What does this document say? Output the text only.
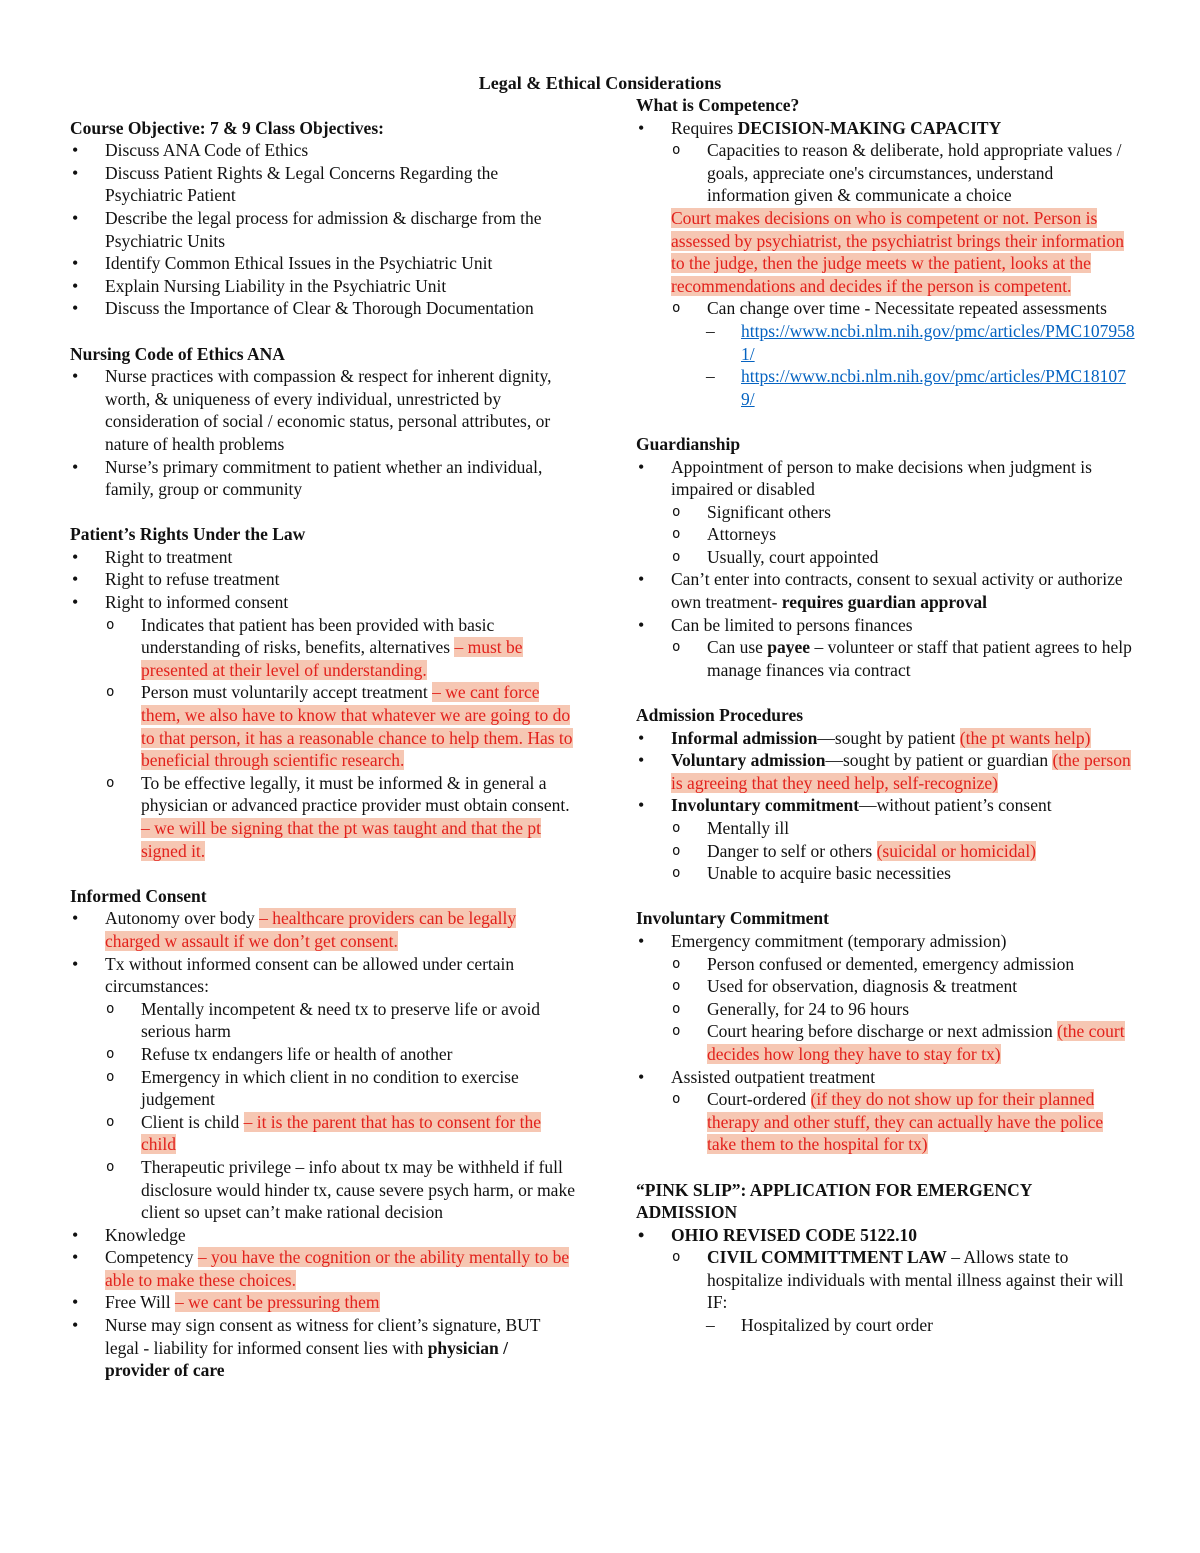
Legal & Ethical Considerations

Course Objective: 7 & 9 Class Objectives:

• Discuss ANA Code of Ethics
• Discuss Patient Rights & Legal Concerns Regarding the Psychiatric Patient
• Describe the legal process for admission & discharge from the Psychiatric Units
• Identify Common Ethical Issues in the Psychiatric Unit
• Explain Nursing Liability in the Psychiatric Unit
• Discuss the Importance of Clear & Thorough Documentation

Nursing Code of Ethics ANA

• Nurse practices with compassion & respect for inherent dignity, worth, & uniqueness of every individual, unrestricted by consideration of social / economic status, personal attributes, or nature of health problems
• Nurse’s primary commitment to patient whether an individual, family, group or community

Patient’s Rights Under the Law

• Right to treatment
• Right to refuse treatment
• Right to informed consent
o Indicates that patient has been provided with basic understanding of risks, benefits, alternatives – must be presented at their level of understanding.
o Person must voluntarily accept treatment – we cant force them, we also have to know that whatever we are going to do to that person, it has a reasonable chance to help them. Has to beneficial through scientific research.
o To be effective legally, it must be informed & in general a physician or advanced practice provider must obtain consent. – we will be signing that the pt was taught and that the pt signed it.

Informed Consent

• Autonomy over body – healthcare providers can be legally charged w assault if we don’t get consent.
• Tx without informed consent can be allowed under certain circumstances:
o Mentally incompetent & need tx to preserve life or avoid serious harm
o Refuse tx endangers life or health of another
o Emergency in which client in no condition to exercise judgement
o Client is child – it is the parent that has to consent for the child
o Therapeutic privilege – info about tx may be withheld if full disclosure would hinder tx, cause severe psych harm, or make client so upset can’t make rational decision
• Knowledge
• Competency – you have the cognition or the ability mentally to be able to make these choices.
• Free Will – we cant be pressuring them
• Nurse may sign consent as witness for client’s signature, BUT legal - liability for informed consent lies with physician / provider of care

What is Competence?

• Requires DECISION-MAKING CAPACITY
o Capacities to reason & deliberate, hold appropriate values / goals, appreciate one's circumstances, understand information given & communicate a choice
Court makes decisions on who is competent or not. Person is assessed by psychiatrist, the psychiatrist brings their information to the judge, then the judge meets w the patient, looks at the recommendations and decides if the person is competent.
o Can change over time - Necessitate repeated assessments
– https://www.ncbi.nlm.nih.gov/pmc/articles/PMC1079581/
– https://www.ncbi.nlm.nih.gov/pmc/articles/PMC181079/

Guardianship

• Appointment of person to make decisions when judgment is impaired or disabled
o Significant others
o Attorneys
o Usually, court appointed
• Can’t enter into contracts, consent to sexual activity or authorize own treatment- requires guardian approval
• Can be limited to persons finances
o Can use payee – volunteer or staff that patient agrees to help manage finances via contract

Admission Procedures

• Informal admission—sought by patient (the pt wants help)
• Voluntary admission—sought by patient or guardian (the person is agreeing that they need help, self-recognize)
• Involuntary commitment—without patient’s consent
o Mentally ill
o Danger to self or others (suicidal or homicidal)
o Unable to acquire basic necessities

Involuntary Commitment

• Emergency commitment (temporary admission)
o Person confused or demented, emergency admission
o Used for observation, diagnosis & treatment
o Generally, for 24 to 96 hours
o Court hearing before discharge or next admission (the court decides how long they have to stay for tx)
• Assisted outpatient treatment
o Court-ordered (if they do not show up for their planned therapy and other stuff, they can actually have the police take them to the hospital for tx)

“PINK SLIP”: APPLICATION FOR EMERGENCY ADMISSION

• OHIO REVISED CODE 5122.10
o CIVIL COMMITTMENT LAW – Allows state to hospitalize individuals with mental illness against their will IF:
– Hospitalized by court order
